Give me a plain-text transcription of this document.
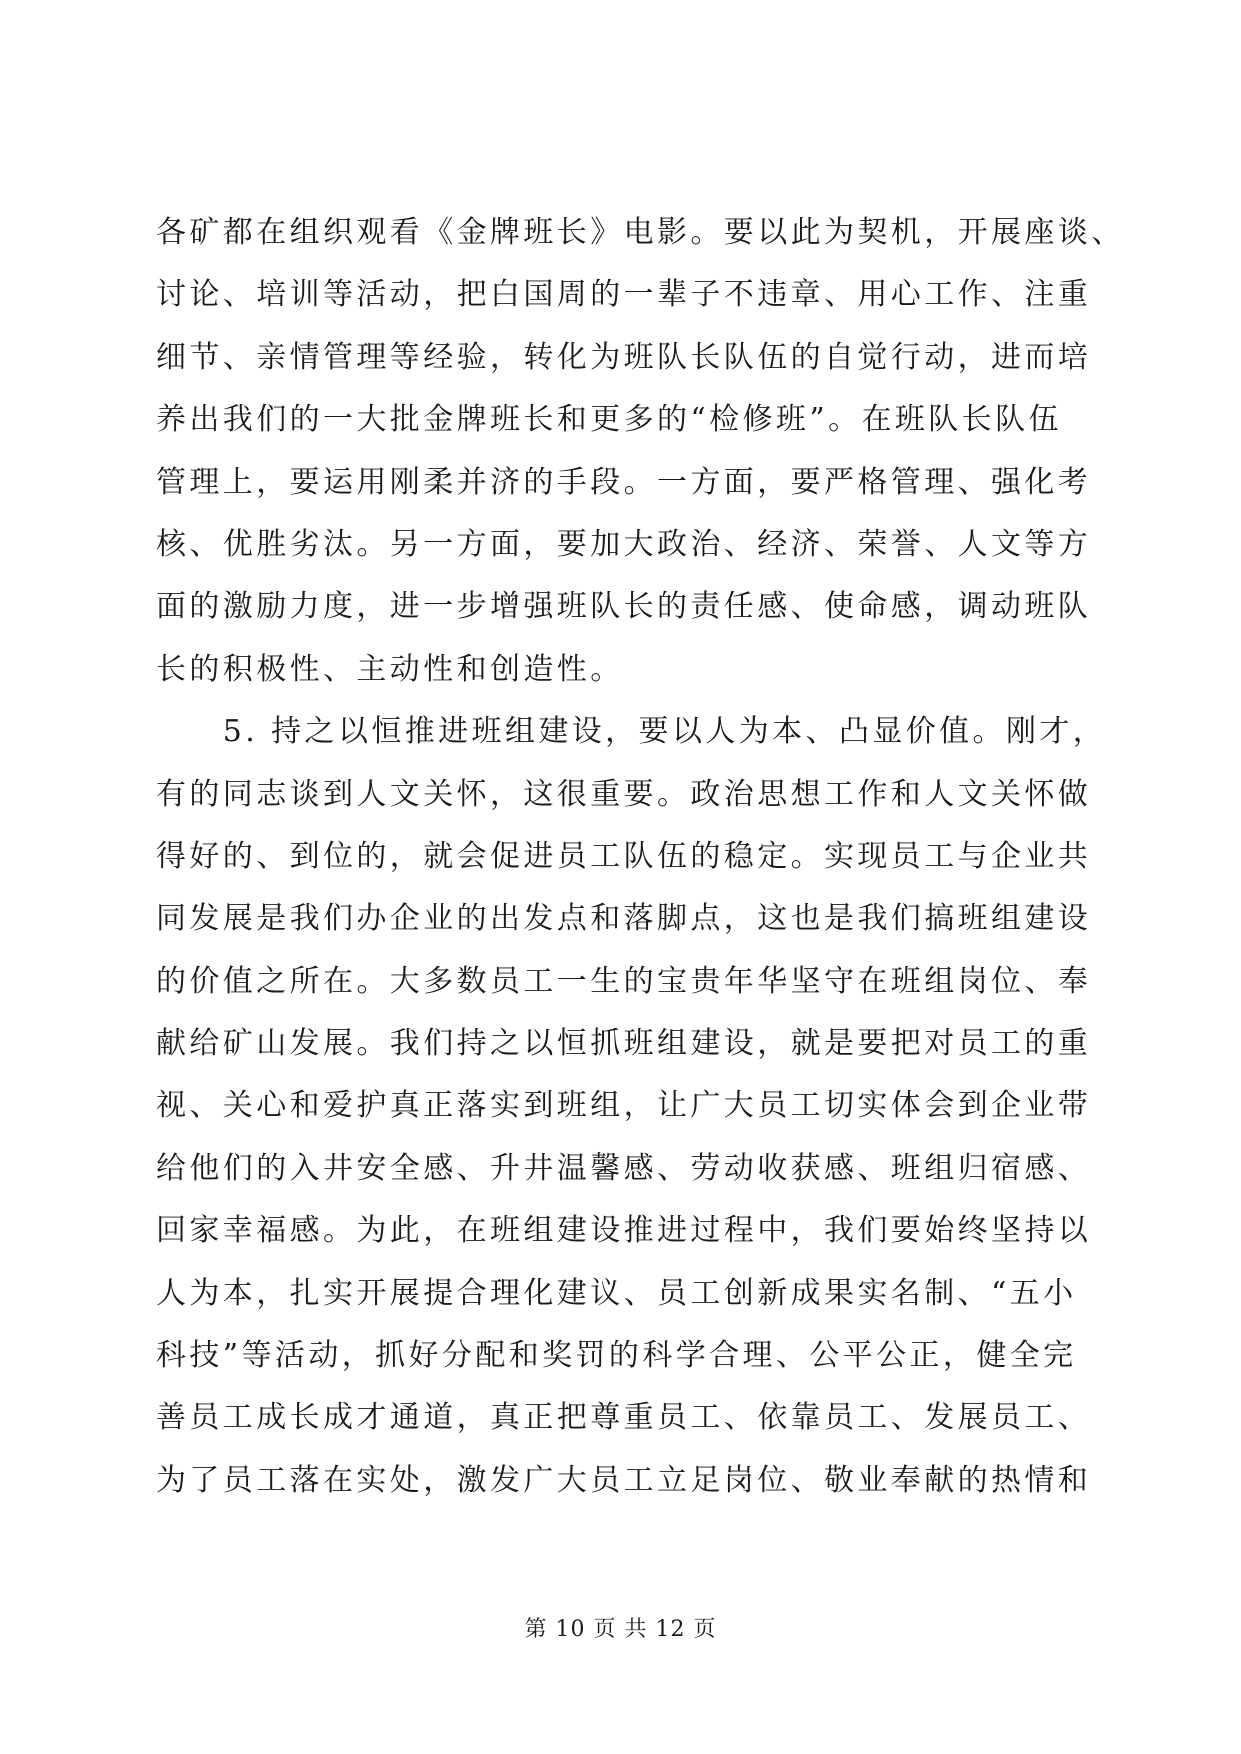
各矿都在组织观看《金牌班长》电影。要以此为契机，开展座谈、
讨论、培训等活动，把白国周的一辈子不违章、用心工作、注重
细节、亲情管理等经验，转化为班队长队伍的自觉行动，进而培
养出我们的一大批金牌班长和更多的“检修班”。在班队长队伍
管理上，要运用刚柔并济的手段。一方面，要严格管理、强化考
核、优胜劣汰。另一方面，要加大政治、经济、荣誉、人文等方
面的激励力度，进一步增强班队长的责任感、使命感，调动班队
长的积极性、主动性和创造性。
　　5. 持之以恒推进班组建设，要以人为本、凸显价值。刚才，
有的同志谈到人文关怀，这很重要。政治思想工作和人文关怀做
得好的、到位的，就会促进员工队伍的稳定。实现员工与企业共
同发展是我们办企业的出发点和落脚点，这也是我们搞班组建设
的价值之所在。大多数员工一生的宝贵年华坚守在班组岗位、奉
献给矿山发展。我们持之以恒抓班组建设，就是要把对员工的重
视、关心和爱护真正落实到班组，让广大员工切实体会到企业带
给他们的入井安全感、升井温馨感、劳动收获感、班组归宿感、
回家幸福感。为此，在班组建设推进过程中，我们要始终坚持以
人为本，扎实开展提合理化建议、员工创新成果实名制、“五小
科技”等活动，抓好分配和奖罚的科学合理、公平公正，健全完
善员工成长成才通道，真正把尊重员工、依靠员工、发展员工、
为了员工落在实处，激发广大员工立足岗位、敬业奉献的热情和
第 10 页 共 12 页
